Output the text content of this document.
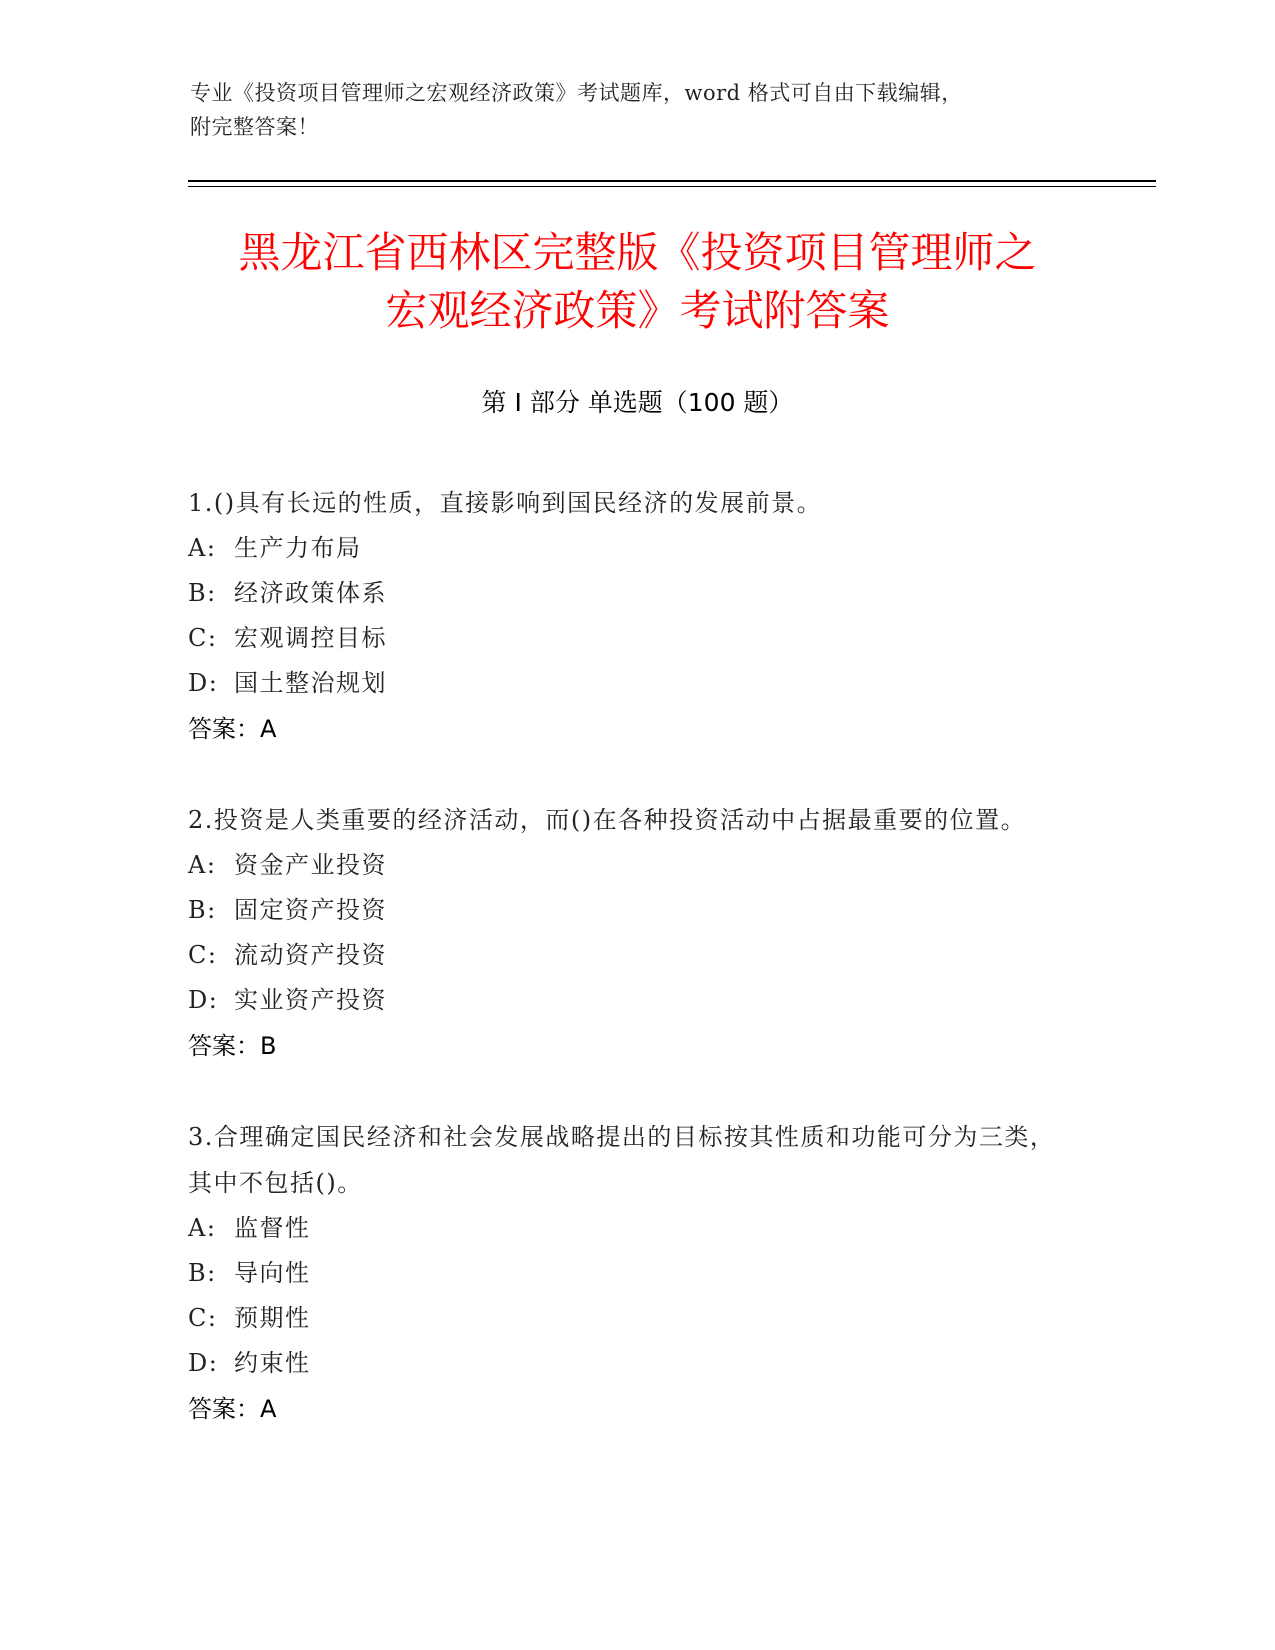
专业《投资项目管理师之宏观经济政策》考试题库，word 格式可自由下载编辑，
附完整答案！
黑龙江省西林区完整版《投资项目管理师之
宏观经济政策》考试附答案
第 I 部分 单选题（100 题）
1.()具有长远的性质，直接影响到国民经济的发展前景。
A: 生产力布局
B: 经济政策体系
C: 宏观调控目标
D: 国土整治规划
答案：A
2.投资是人类重要的经济活动，而()在各种投资活动中占据最重要的位置。
A: 资金产业投资
B: 固定资产投资
C: 流动资产投资
D: 实业资产投资
答案：B
3.合理确定国民经济和社会发展战略提出的目标按其性质和功能可分为三类，其中不包括()。
A: 监督性
B: 导向性
C: 预期性
D: 约束性
答案：A
